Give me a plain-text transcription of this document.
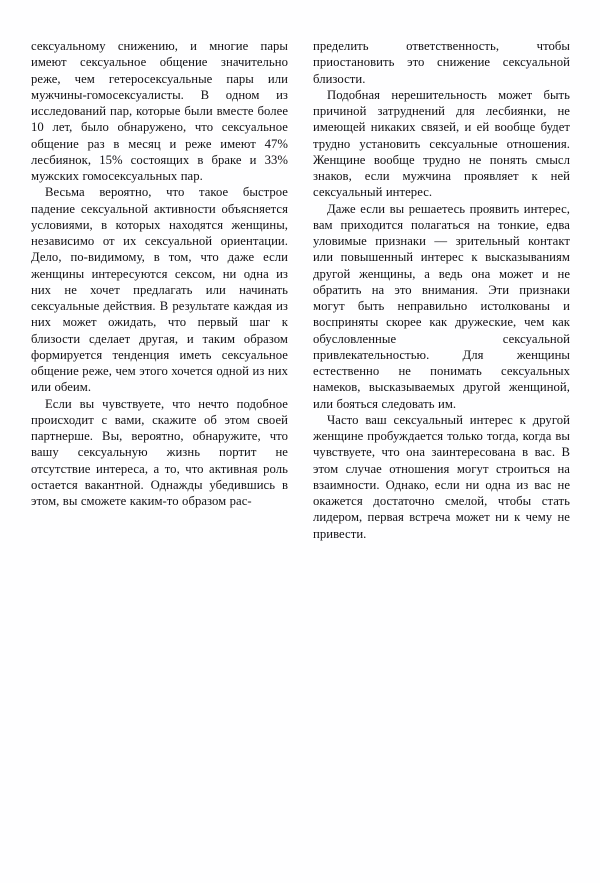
сексуальному снижению, и многие пары имеют сексуальное общение значительно реже, чем гетеросексуальные пары или мужчины-гомосексуалисты. В одном из исследований пар, которые были вместе более 10 лет, было обнаружено, что сексуальное общение раз в месяц и реже имеют 47% лесбиянок, 15% состоящих в браке и 33% мужских гомосексуальных пар.

Весьма вероятно, что такое быстрое падение сексуальной активности объясняется условиями, в которых находятся женщины, независимо от их сексуальной ориентации. Дело, по-видимому, в том, что даже если женщины интересуются сексом, ни одна из них не хочет предлагать или начинать сексуальные действия. В результате каждая из них может ожидать, что первый шаг к близости сделает другая, и таким образом формируется тенденция иметь сексуальное общение реже, чем этого хочется одной из них или обеим.

Если вы чувствуете, что нечто подобное происходит с вами, скажите об этом своей партнерше. Вы, вероятно, обнаружите, что вашу сексуальную жизнь портит не отсутствие интереса, а то, что активная роль остается вакантной. Однажды убедившись в этом, вы сможете каким-то образом рас-

пределить ответственность, чтобы приостановить это снижение сексуальной близости.

Подобная нерешительность может быть причиной затруднений для лесбиянки, не имеющей никаких связей, и ей вообще будет трудно установить сексуальные отношения. Женщине вообще трудно не понять смысл знаков, если мужчина проявляет к ней сексуальный интерес.

Даже если вы решаетесь проявить интерес, вам приходится полагаться на тонкие, едва уловимые признаки — зрительный контакт или повышенный интерес к высказываниям другой женщины, а ведь она может и не обратить на это внимания. Эти признаки могут быть неправильно истолкованы и восприняты скорее как дружеские, чем как обусловленные сексуальной привлекательностью. Для женщины естественно не понимать сексуальных намеков, высказываемых другой женщиной, или бояться следовать им.

Часто ваш сексуальный интерес к другой женщине пробуждается только тогда, когда вы чувствуете, что она заинтересована в вас. В этом случае отношения могут строиться на взаимности. Однако, если ни одна из вас не окажется достаточно смелой, чтобы стать лидером, первая встреча может ни к чему не привести.
